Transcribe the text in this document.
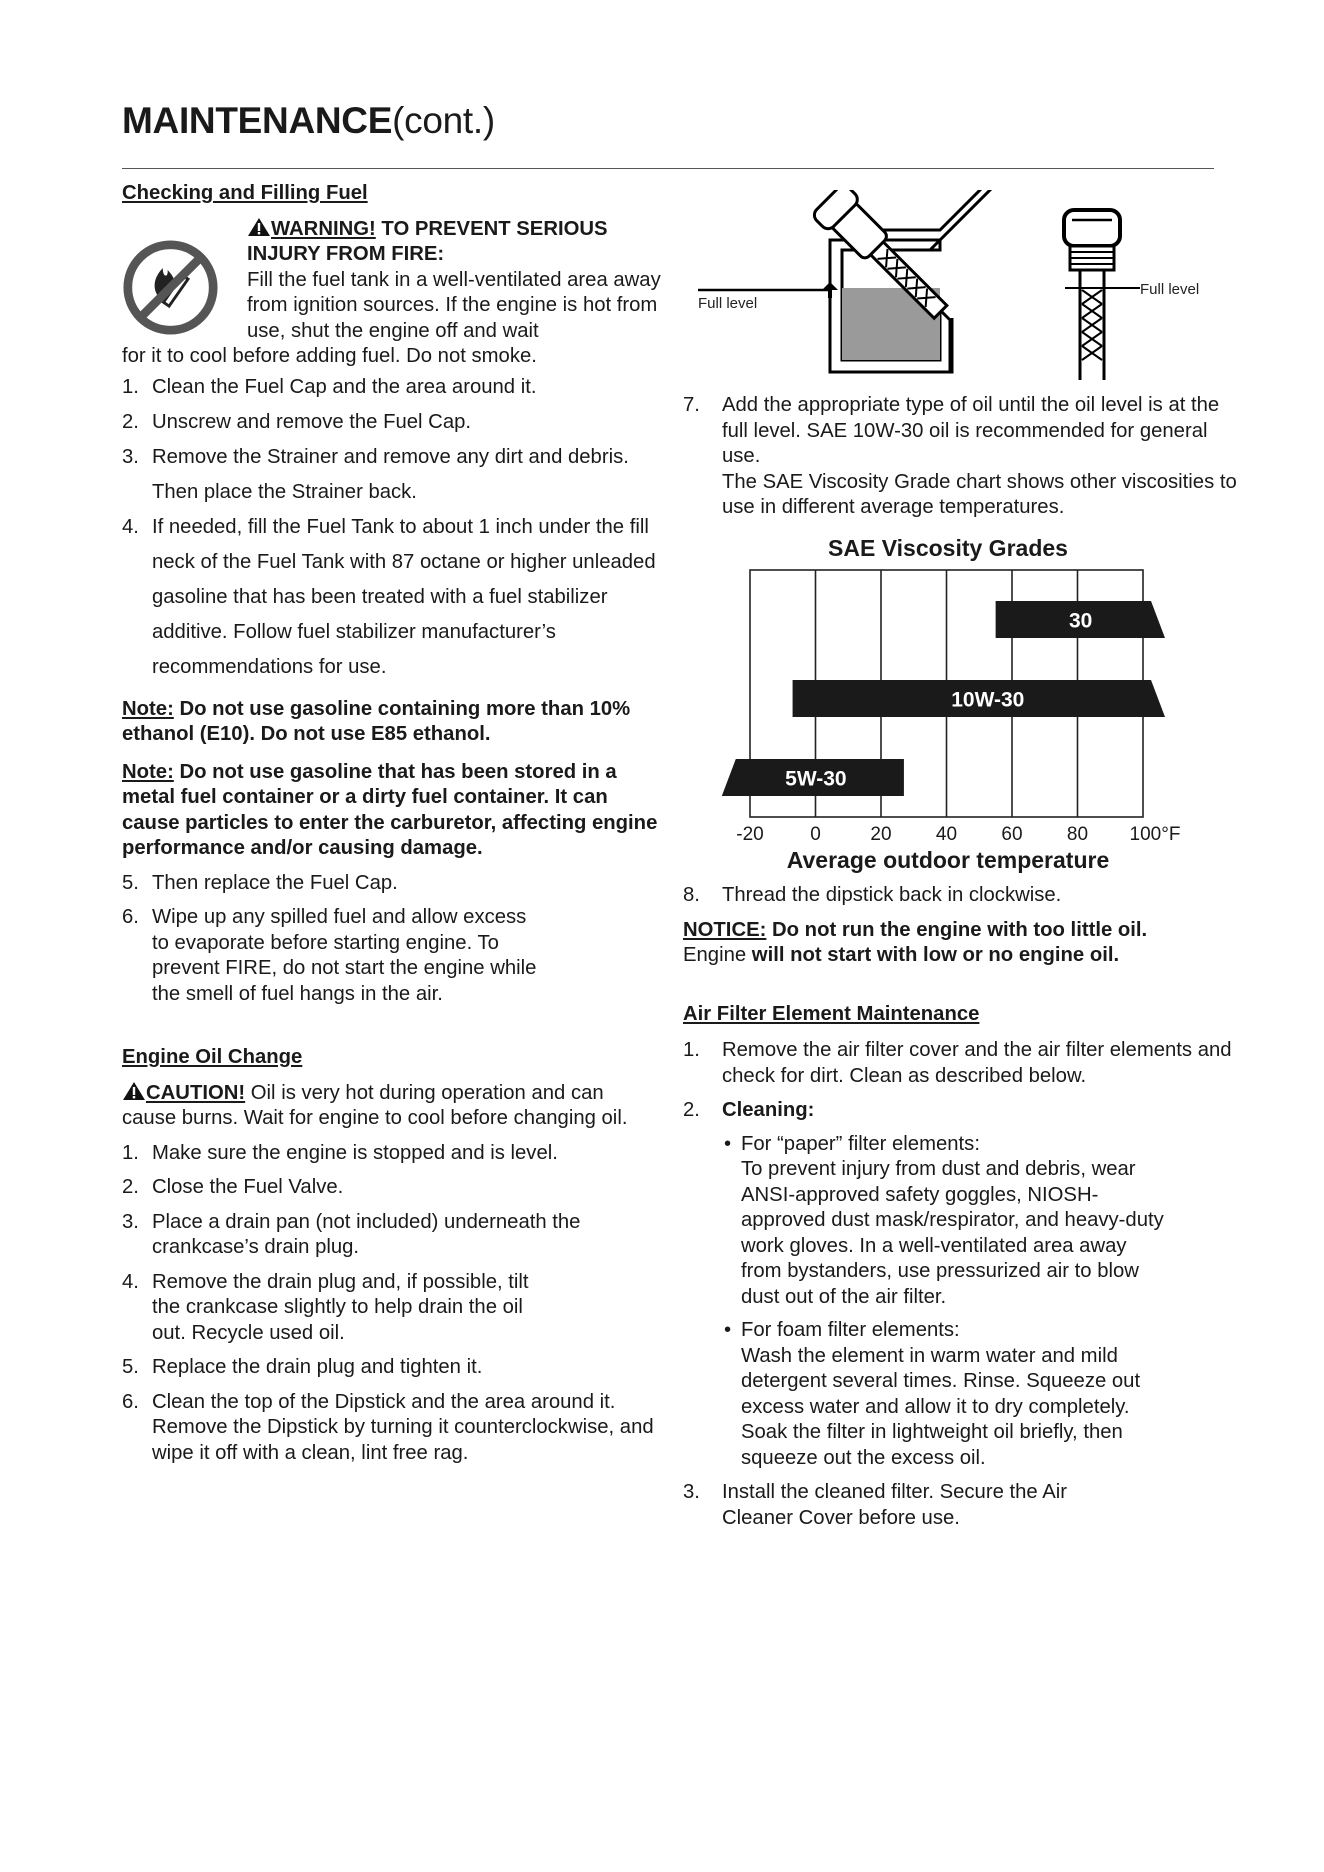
MAINTENANCE(cont.)

Checking and Filling Fuel

WARNING! TO PREVENT SERIOUS INJURY FROM FIRE:

Fill the fuel tank in a well-ventilated area away from ignition sources. If the engine is hot from use, shut the engine off and wait

for it to cool before adding fuel. Do not smoke.

1. Clean the Fuel Cap and the area around it.
2. Unscrew and remove the Fuel Cap.
3. Remove the Strainer and remove any dirt and debris. Then place the Strainer back.
4. If needed, fill the Fuel Tank to about 1 inch under the fill neck of the Fuel Tank with 87 octane or higher unleaded gasoline that has been treated with a fuel stabilizer additive. Follow fuel stabilizer manufacturer’s recommendations for use.

Note: Do not use gasoline containing more than 10% ethanol (E10). Do not use E85 ethanol.

Note: Do not use gasoline that has been stored in a metal fuel container or a dirty fuel container. It can cause particles to enter the carburetor, affecting engine performance and/or causing damage.

5. Then replace the Fuel Cap.
6. Wipe up any spilled fuel and allow excess to evaporate before starting engine. To prevent FIRE, do not start the engine while the smell of fuel hangs in the air.

Engine Oil Change

CAUTION! Oil is very hot during operation and can cause burns. Wait for engine to cool before changing oil.

1. Make sure the engine is stopped and is level.
2. Close the Fuel Valve.
3. Place a drain pan (not included) underneath the crankcase’s drain plug.
4. Remove the drain plug and, if possible, tilt the crankcase slightly to help drain the oil out. Recycle used oil.
5. Replace the drain plug and tighten it.
6. Clean the top of the Dipstick and the area around it. Remove the Dipstick by turning it counterclockwise, and wipe it off with a clean, lint free rag.
Full level
Full level
7. Add the appropriate type of oil until the oil level is at the full level. SAE 10W-30 oil is recommended for general use.

The SAE Viscosity Grade chart shows other viscosities to use in different average temperatures.

SAE Viscosity Grades
30
10W-30
5W-30
-20 0	20 40 60 80 100°F
Average outdoor temperature
8. Thread the dipstick back in clockwise.

NOTICE: Do not run the engine with too little oil.

Engine will not start with low or no engine oil.

Air Filter Element Maintenance

1. Remove the air filter cover and the air filter elements and check for dirt. Clean as described below.

2. Cleaning:

• For “paper” filter elements:

To prevent injury from dust and debris, wear ANSI-approved safety goggles, NIOSH-approved dust mask/respirator, and heavy-duty work gloves. In a well-ventilated area away from bystanders, use pressurized air to blow dust out of the air filter.

• For foam filter elements:

Wash the element in warm water and mild detergent several times. Rinse. Squeeze out excess water and allow it to dry completely. Soak the filter in lightweight oil briefly, then squeeze out the excess oil.

3. Install the cleaned filter. Secure the Air Cleaner Cover before use.
